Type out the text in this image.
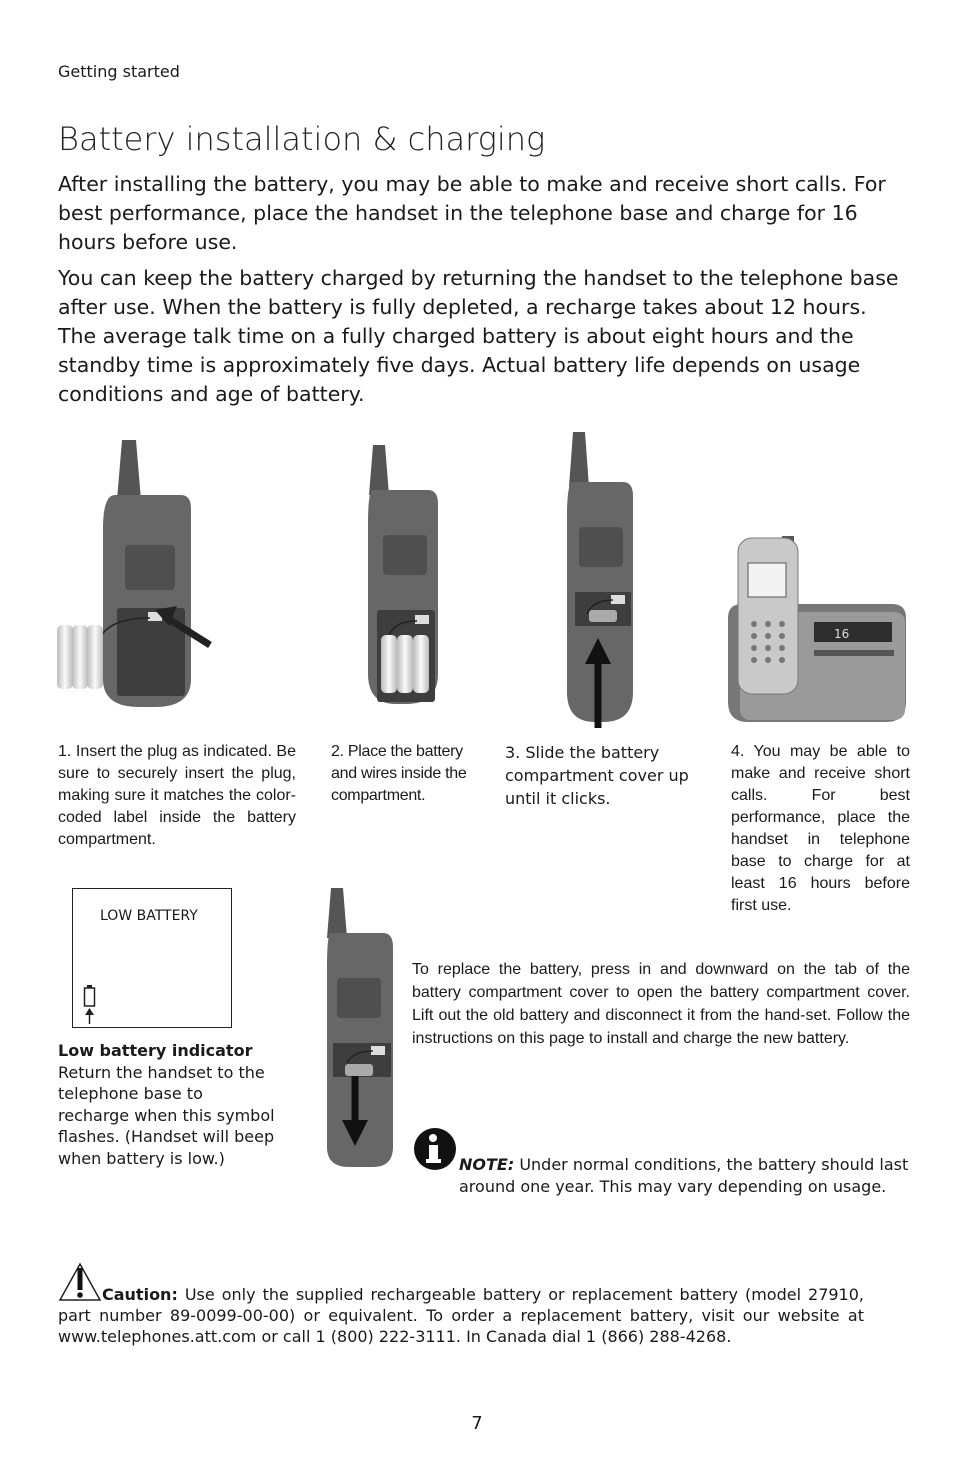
Getting started
Battery installation & charging

After installing the battery, you may be able to make and receive short calls. For best performance, place the handset in the telephone base and charge for 16 hours before use.

You can keep the battery charged by returning the handset to the telephone base after use. When the battery is fully depleted, a recharge takes about 12 hours. The average talk time on a fully charged battery is about eight hours and the standby time is approximately five days. Actual battery life depends on usage conditions and age of battery.

16
1. Insert the plug as indicated. Be sure to securely insert the plug, making sure it matches the color-coded label inside the battery compartment.
2. Place the battery and wires inside the compartment.
3. Slide the battery compartment cover up until it clicks.
4. You may be able to make and receive short calls. For best performance, place the handset in telephone base to charge for at least 16 hours before first use.
LOW BATTERY
Low battery indicator
Return the handset to the telephone base to recharge when this symbol flashes. (Handset will beep when battery is low.)
To replace the battery, press in and downward on the tab of the battery compartment cover to open the battery compartment cover. Lift out the old battery and disconnect it from the hand-set. Follow the instructions on this page to install and charge the new battery.
NOTE: Under normal conditions, the battery should last around one year. This may vary depending on usage.
Caution: Use only the supplied rechargeable battery or replacement battery (model 27910, part number 89-0099-00-00) or equivalent. To order a replacement battery, visit our website at www.telephones.att.com or call 1 (800) 222-3111. In Canada dial 1 (866) 288-4268.
7
